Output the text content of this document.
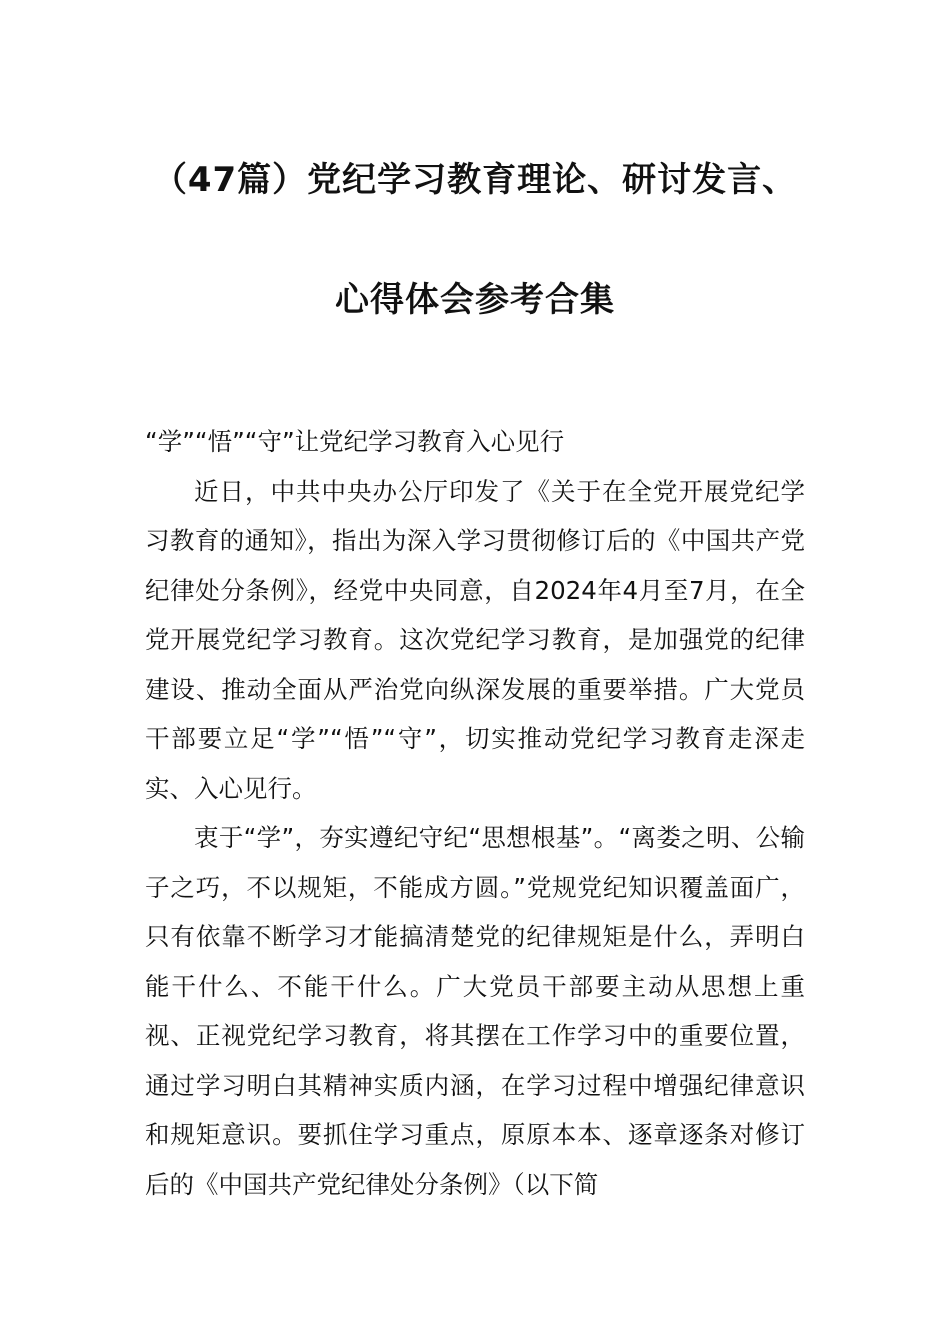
（47篇）党纪学习教育理论、研讨发言、
心得体会参考合集

“学”“悟”“守”让党纪学习教育入心见行

近日，中共中央办公厅印发了《关于在全党开展党纪学习教育的通知》，指出为深入学习贯彻修订后的《中国共产党纪律处分条例》，经党中央同意，自2024年4月至7月，在全党开展党纪学习教育。这次党纪学习教育，是加强党的纪律建设、推动全面从严治党向纵深发展的重要举措。广大党员干部要立足“学”“悟”“守”，切实推动党纪学习教育走深走实、入心见行。

衷于“学”，夯实遵纪守纪“思想根基”。“离娄之明、公输子之巧，不以规矩，不能成方圆。”党规党纪知识覆盖面广，只有依靠不断学习才能搞清楚党的纪律规矩是什么，弄明白能干什么、不能干什么。广大党员干部要主动从思想上重视、正视党纪学习教育，将其摆在工作学习中的重要位置，通过学习明白其精神实质内涵，在学习过程中增强纪律意识和规矩意识。要抓住学习重点，原原本本、逐章逐条对修订后的《中国共产党纪律处分条例》（以下简
